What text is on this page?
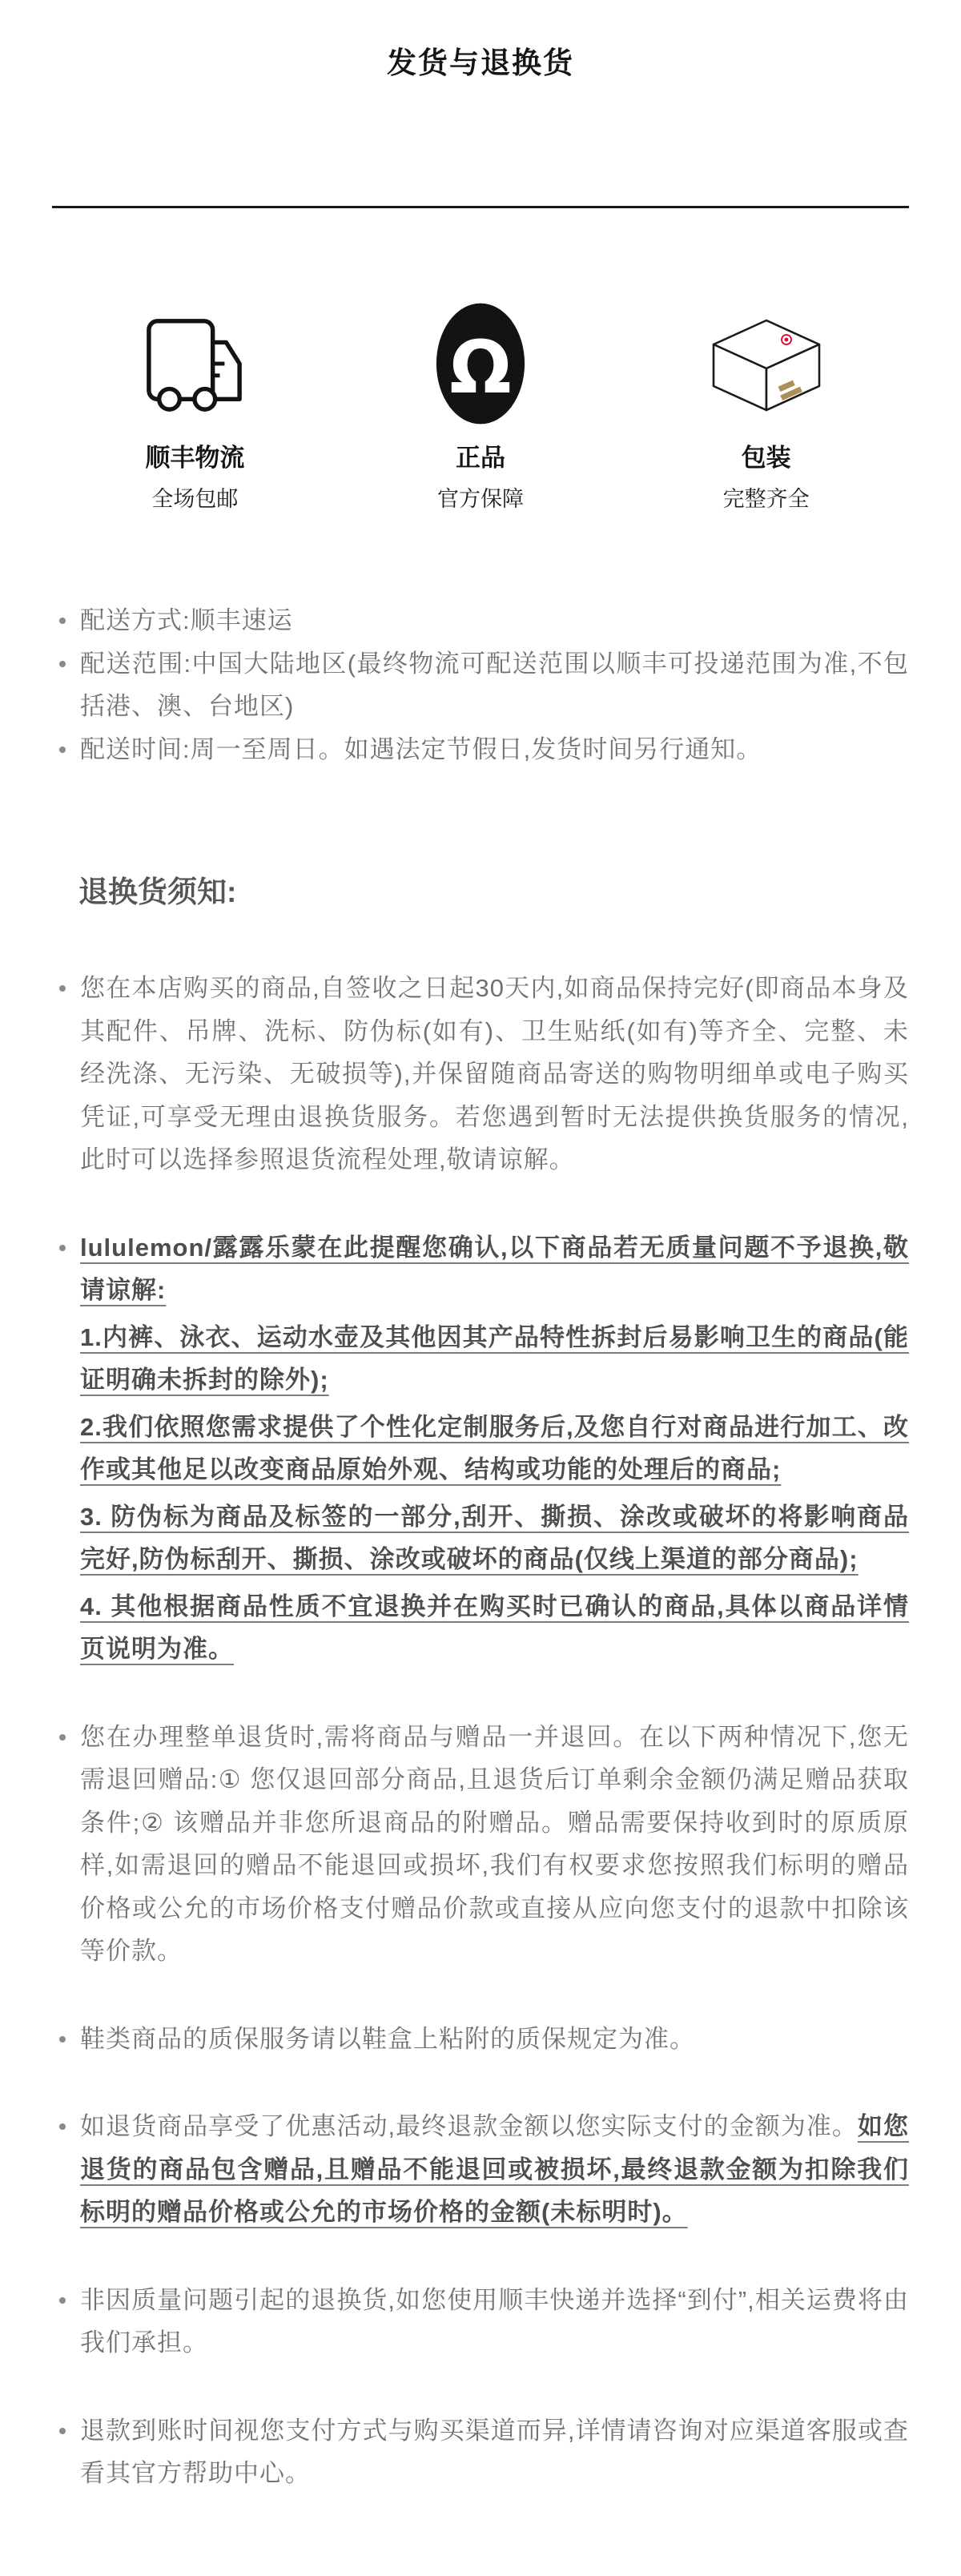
发货与退换货
顺丰物流

全场包邮

Ω
正品

官方保障

包装

完整齐全

配送方式:顺丰速运
配送范围:中国大陆地区(最终物流可配送范围以顺丰可投递范围为准,不包括港、澳、台地区)
配送时间:周一至周日。如遇法定节假日,发货时间另行通知。
退换货须知:
您在本店购买的商品,自签收之日起30天内,如商品保持完好(即商品本身及其配件、吊牌、洗标、防伪标(如有)、卫生贴纸(如有)等齐全、完整、未经洗涤、无污染、无破损等),并保留随商品寄送的购物明细单或电子购买凭证,可享受无理由退换货服务。若您遇到暂时无法提供换货服务的情况,此时可以选择参照退货流程处理,敬请谅解。
lululemon/露露乐蒙在此提醒您确认,以下商品若无质量问题不予退换,敬请谅解:
1.内裤、泳衣、运动水壶及其他因其产品特性拆封后易影响卫生的商品(能证明确未拆封的除外);
2.我们依照您需求提供了个性化定制服务后,及您自行对商品进行加工、改作或其他足以改变商品原始外观、结构或功能的处理后的商品;
3. 防伪标为商品及标签的一部分,刮开、撕损、涂改或破坏的将影响商品完好,防伪标刮开、撕损、涂改或破坏的商品(仅线上渠道的部分商品);
4. 其他根据商品性质不宜退换并在购买时已确认的商品,具体以商品详情页说明为准。
您在办理整单退货时,需将商品与赠品一并退回。在以下两种情况下,您无需退回赠品:① 您仅退回部分商品,且退货后订单剩余金额仍满足赠品获取条件;② 该赠品并非您所退商品的附赠品。赠品需要保持收到时的原质原样,如需退回的赠品不能退回或损坏,我们有权要求您按照我们标明的赠品价格或公允的市场价格支付赠品价款或直接从应向您支付的退款中扣除该等价款。
鞋类商品的质保服务请以鞋盒上粘附的质保规定为准。
如退货商品享受了优惠活动,最终退款金额以您实际支付的金额为准。如您退货的商品包含赠品,且赠品不能退回或被损坏,最终退款金额为扣除我们标明的赠品价格或公允的市场价格的金额(未标明时)。
非因质量问题引起的退换货,如您使用顺丰快递并选择“到付”,相关运费将由我们承担。
退款到账时间视您支付方式与购买渠道而异,详情请咨询对应渠道客服或查看其官方帮助中心。
